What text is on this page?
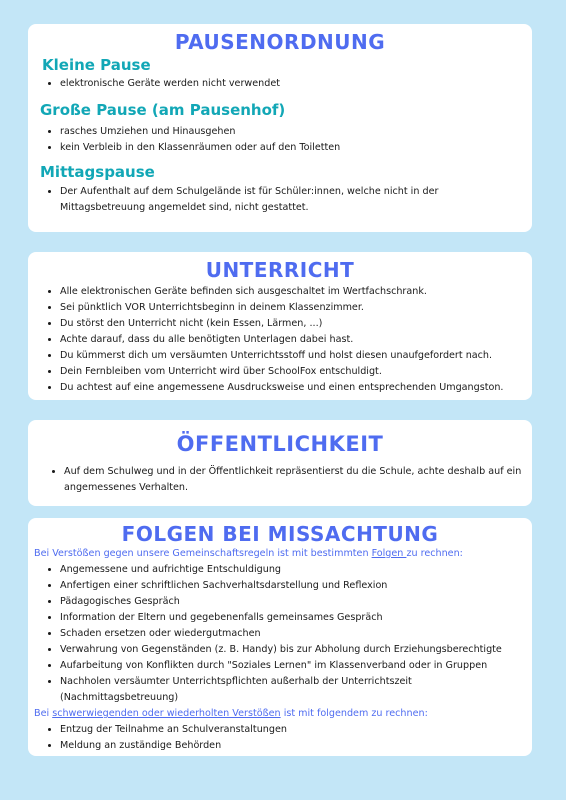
PAUSENORDNUNG
Kleine Pause
• elektronische Geräte werden nicht verwendet
Große Pause (am Pausenhof)
• rasches Umziehen und Hinausgehen
• kein Verbleib in den Klassenräumen oder auf den Toiletten
Mittagspause
• Der Aufenthalt auf dem Schulgelände ist für Schüler:innen, welche nicht in der Mittagsbetreuung angemeldet sind, nicht gestattet.
UNTERRICHT
• Alle elektronischen Geräte befinden sich ausgeschaltet im Wertfachschrank.
• Sei pünktlich VOR Unterrichtsbeginn in deinem Klassenzimmer.
• Du störst den Unterricht nicht (kein Essen, Lärmen, ...)
• Achte darauf, dass du alle benötigten Unterlagen dabei hast.
• Du kümmerst dich um versäumten Unterrichtsstoff und holst diesen unaufgefordert nach.
• Dein Fernbleiben vom Unterricht wird über SchoolFox entschuldigt.
• Du achtest auf eine angemessene Ausdrucksweise und einen entsprechenden Umgangston.
ÖFFENTLICHKEIT
• Auf dem Schulweg und in der Öffentlichkeit repräsentierst du die Schule, achte deshalb auf ein angemessenes Verhalten.
FOLGEN BEI MISSACHTUNG
Bei Verstößen gegen unsere Gemeinschaftsregeln ist mit bestimmten Folgen zu rechnen:
• Angemessene und aufrichtige Entschuldigung
• Anfertigen einer schriftlichen Sachverhaltsdarstellung und Reflexion
• Pädagogisches Gespräch
• Information der Eltern und gegebenenfalls gemeinsames Gespräch
• Schaden ersetzen oder wiedergutmachen
• Verwahrung von Gegenständen (z. B. Handy) bis zur Abholung durch Erziehungsberechtigte
• Aufarbeitung von Konflikten durch "Soziales Lernen" im Klassenverband oder in Gruppen
• Nachholen versäumter Unterrichtspflichten außerhalb der Unterrichtszeit (Nachmittagsbetreuung)
Bei schwerwiegenden oder wiederholten Verstößen ist mit folgendem zu rechnen:
• Entzug der Teilnahme an Schulveranstaltungen
• Meldung an zuständige Behörden
